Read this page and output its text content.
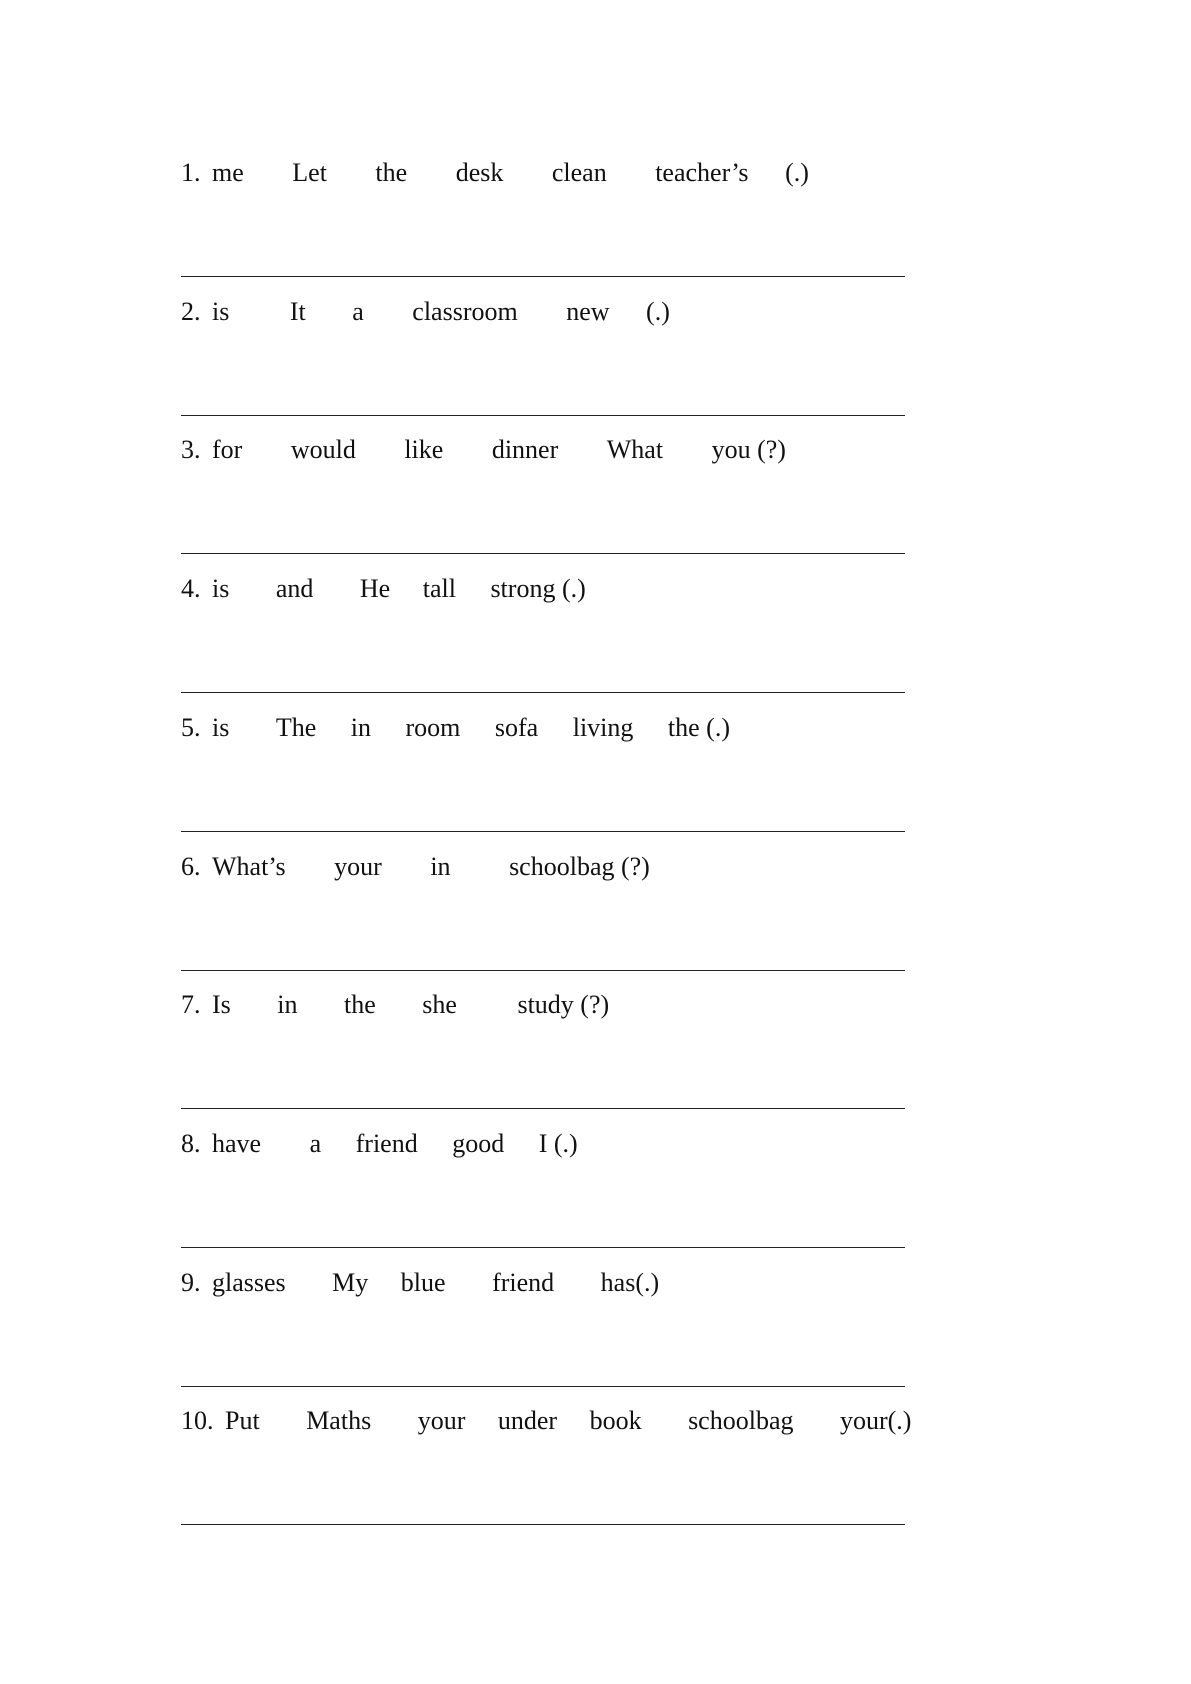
1. me Let the desk clean teacher’s (.)
2. is It a classroom new (.)
3. for would like dinner What you (?)
4. is and He tall strong (.)
5. is The in room sofa living the (.)
6. What’s your in schoolbag (?)
7. Is in the she study (?)
8. have a friend good I (.)
9. glasses My blue friend has(.)
10. Put Maths your under book schoolbag your(.)
